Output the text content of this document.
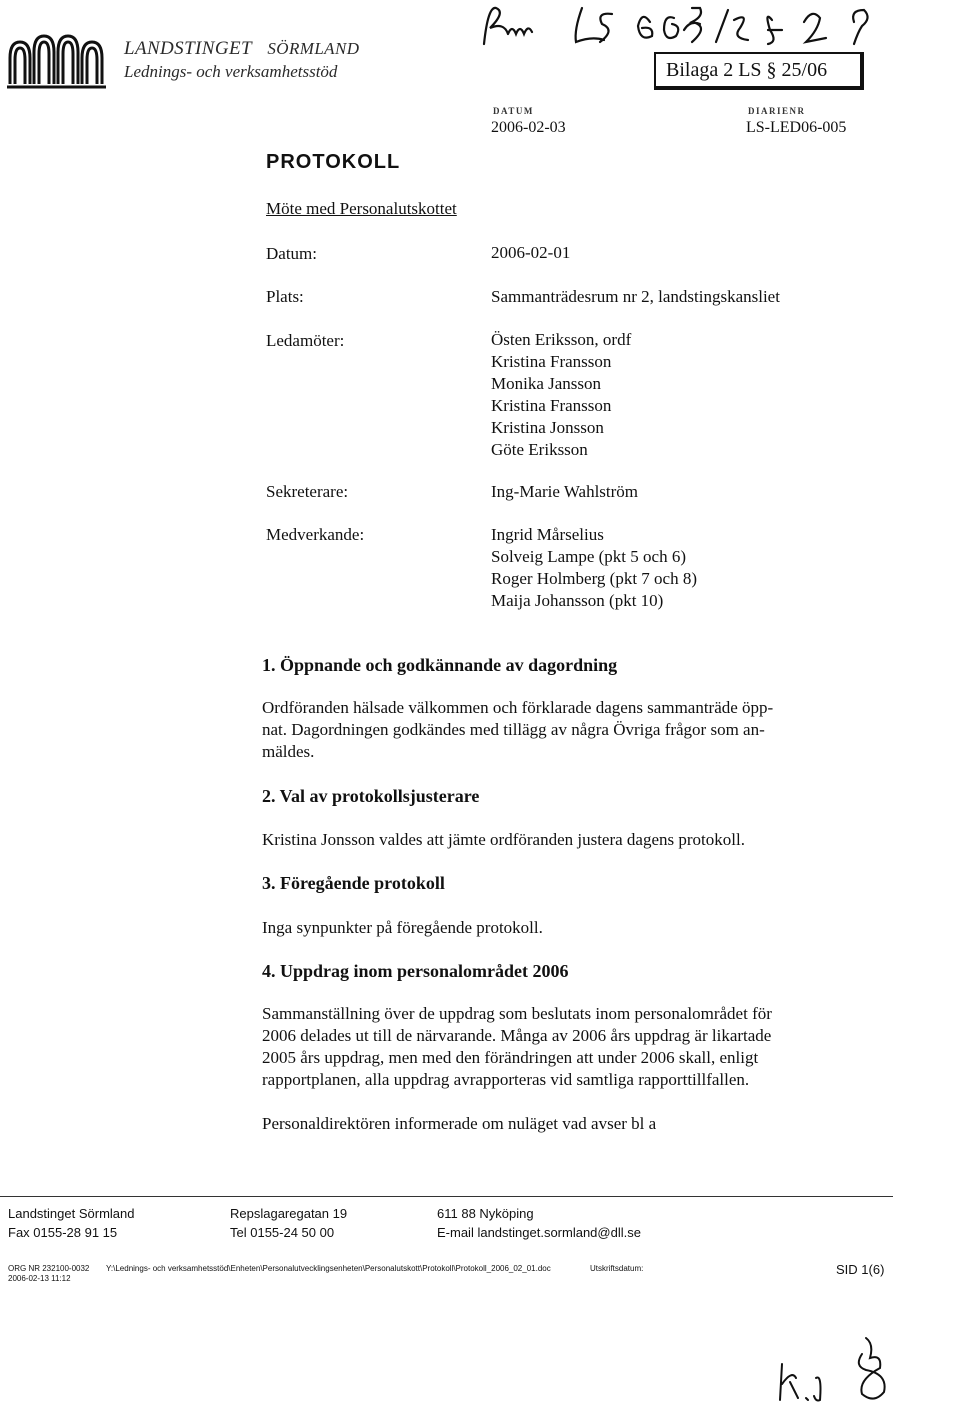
LANDSTINGET SÖRMLAND
Lednings- och verksamhetsstöd	Bilaga 2 LS § 25/06
DATUM
2006-02-03
DIARIENR
LS-LED06-005
PROTOKOLL
Möte med Personalutskottet
Datum:	2006-02-01
Plats:	Sammanträdesrum nr 2, landstingskansliet
Ledamöter:	Östen Eriksson, ordf
Kristina Fransson
Monika Jansson
Kristina Fransson
Kristina Jonsson
Göte Eriksson
Sekreterare:	Ing-Marie Wahlström
Medverkande:	Ingrid Mårselius
Solveig Lampe (pkt 5 och 6)
Roger Holmberg (pkt 7 och 8)
Maija Johansson (pkt 10)
1. Öppnande och godkännande av dagordning
Ordföranden hälsade välkommen och förklarade dagens sammanträde öpp-
nat. Dagordningen godkändes med tillägg av några Övriga frågor som an-
mäldes.
2. Val av protokollsjusterare
Kristina Jonsson valdes att jämte ordföranden justera dagens protokoll.
3. Föregående protokoll
Inga synpunkter på föregående protokoll.
4. Uppdrag inom personalområdet 2006
Sammanställning över de uppdrag som beslutats inom personalområdet för
2006 delades ut till de närvarande. Många av 2006 års uppdrag är likartade
2005 års uppdrag, men med den förändringen att under 2006 skall, enligt
rapportplanen, alla uppdrag avrapporteras vid samtliga rapporttillfallen.
Personaldirektören informerade om nuläget vad avser bl a
Landstinget Sörmland
Fax 0155-28 91 15
Repslagaregatan 19
Tel 0155-24 50 00
611 88 Nyköping
E-mail landstinget.sormland@dll.se
ORG NR 232100-0032 Y:\Lednings- och verksamhetsstöd\Enheten\Personalutvecklingsenheten\Personalutskott\Protokoll\Protokoll_2006_02_01.doc	Utskriftsdatum:
2006-02-13 11:12
SID 1(6)
